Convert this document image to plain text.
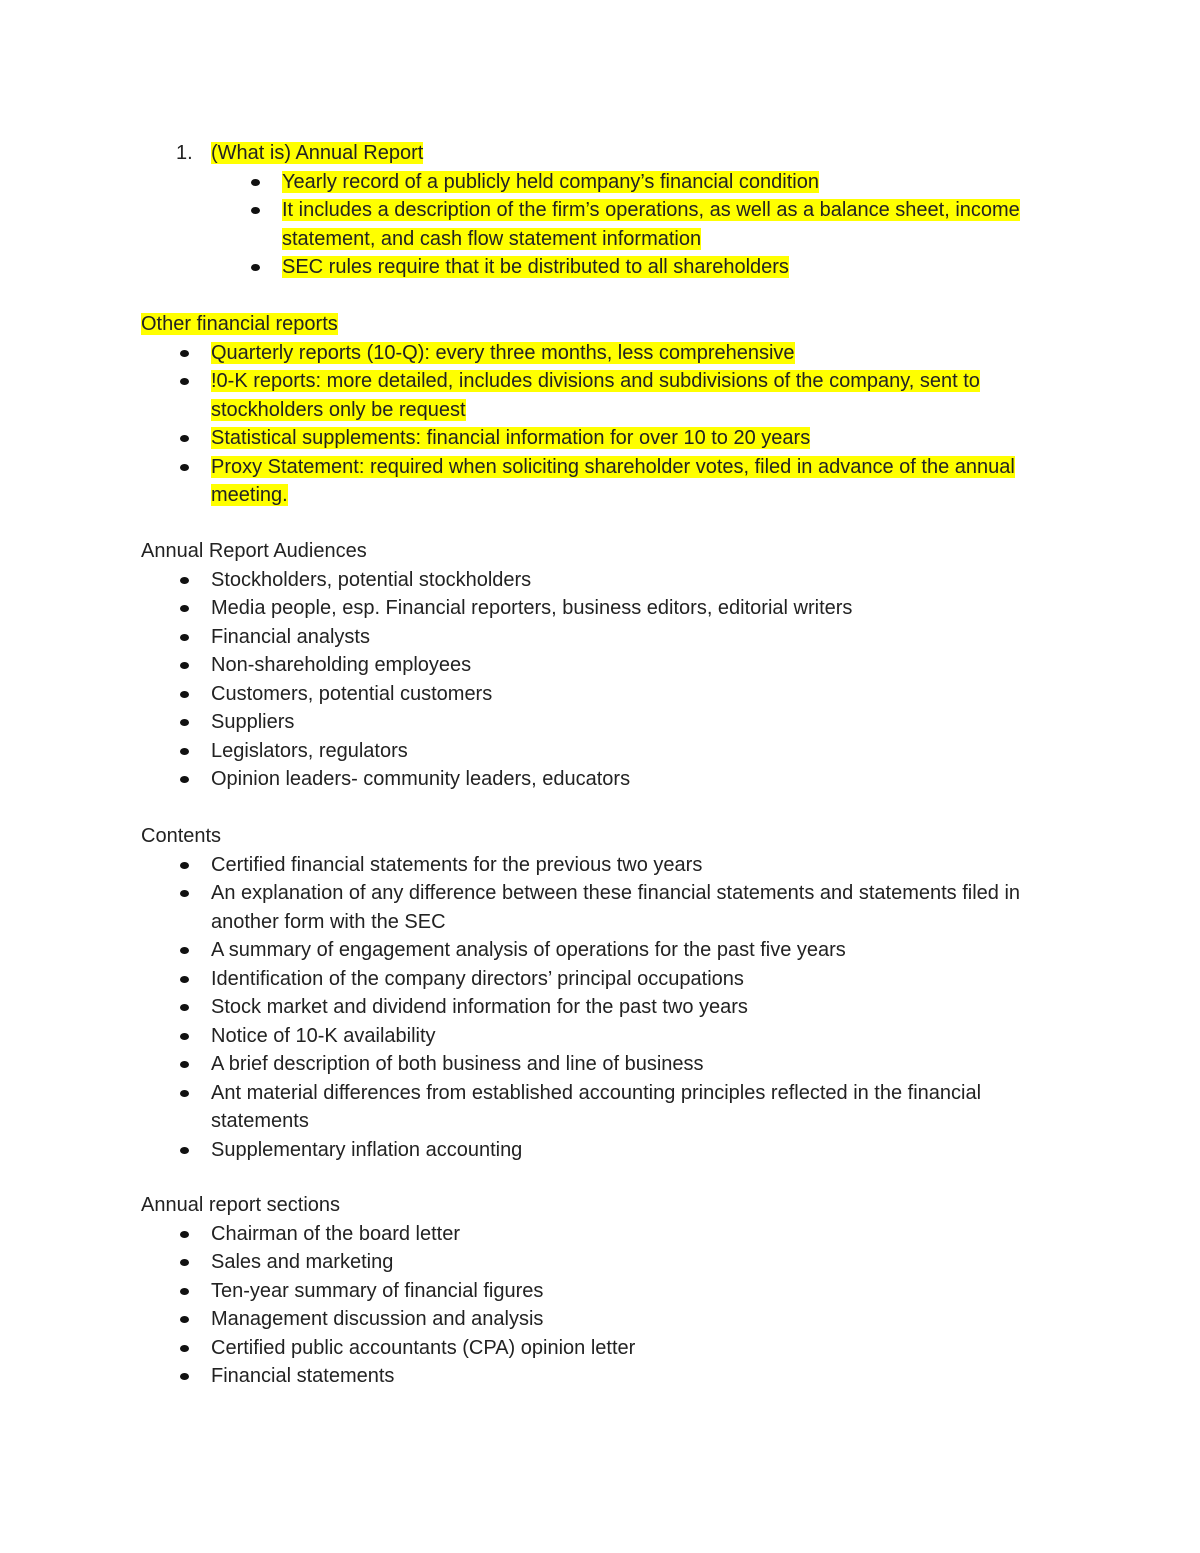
1. (What is) Annual Report
Yearly record of a publicly held company’s financial condition
It includes a description of the firm’s operations, as well as a balance sheet, income statement, and cash flow statement information
SEC rules require that it be distributed to all shareholders
Other financial reports
Quarterly reports (10-Q): every three months, less comprehensive
!0-K reports: more detailed, includes divisions and subdivisions of the company, sent to stockholders only be request
Statistical supplements: financial information for over 10 to 20 years
Proxy Statement: required when soliciting shareholder votes, filed in advance of the annual meeting.
Annual Report Audiences
Stockholders, potential stockholders
Media people, esp. Financial reporters, business editors, editorial writers
Financial analysts
Non-shareholding employees
Customers, potential customers
Suppliers
Legislators, regulators
Opinion leaders- community leaders, educators
Contents
Certified financial statements for the previous two years
An explanation of any difference between these financial statements and statements filed in another form with the SEC
A summary of engagement analysis of operations for the past five years
Identification of the company directors’ principal occupations
Stock market and dividend information for the past two years
Notice of 10-K availability
A brief description of both business and line of business
Ant material differences from established accounting principles reflected in the financial statements
Supplementary inflation accounting
Annual report sections
Chairman of the board letter
Sales and marketing
Ten-year summary of financial figures
Management discussion and analysis
Certified public accountants (CPA) opinion letter
Financial statements
